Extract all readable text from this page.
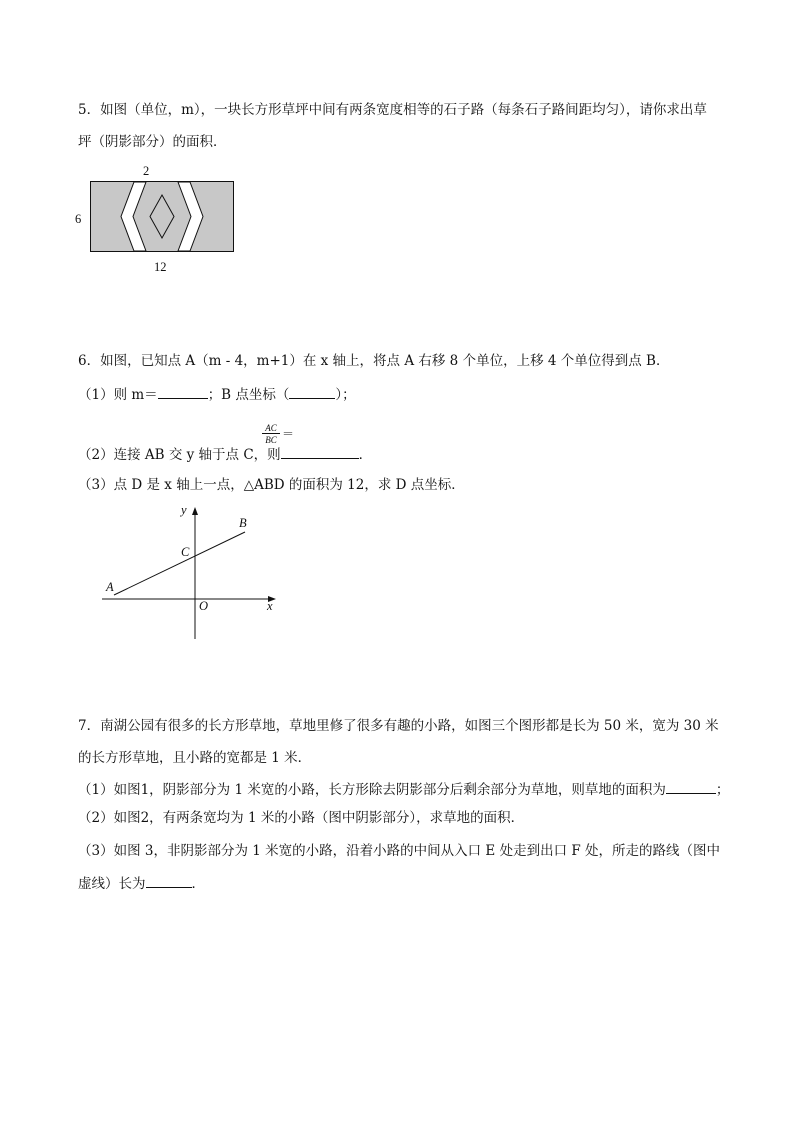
5．如图（单位，m），一块长方形草坪中间有两条宽度相等的石子路（每条石子路间距均匀），请你求出草
坪（阴影部分）的面积．
2
6
12
6．如图，已知点 A（m - 4，m+1）在 x 轴上，将点 A 右移 8 个单位，上移 4 个单位得到点 B．
（1）则 m＝	；B 点坐标（	）；
AC
BC ＝
（2）连接 AB 交 y 轴于点 C，则	．
（3）点 D 是 x 轴上一点，△ABD 的面积为 12，求 D 点坐标．
y
x
B
C
A
O
7．南湖公园有很多的长方形草地，草地里修了很多有趣的小路，如图三个图形都是长为 50 米，宽为 30 米
的长方形草地，且小路的宽都是 1 米．
（1）如图1，阴影部分为 1 米宽的小路，长方形除去阴影部分后剩余部分为草地，则草地的面积为	；
（2）如图2，有两条宽均为 1 米的小路（图中阴影部分），求草地的面积．
（3）如图 3，非阴影部分为 1 米宽的小路，沿着小路的中间从入口 E 处走到出口 F 处，所走的路线（图中
虚线）长为	．
